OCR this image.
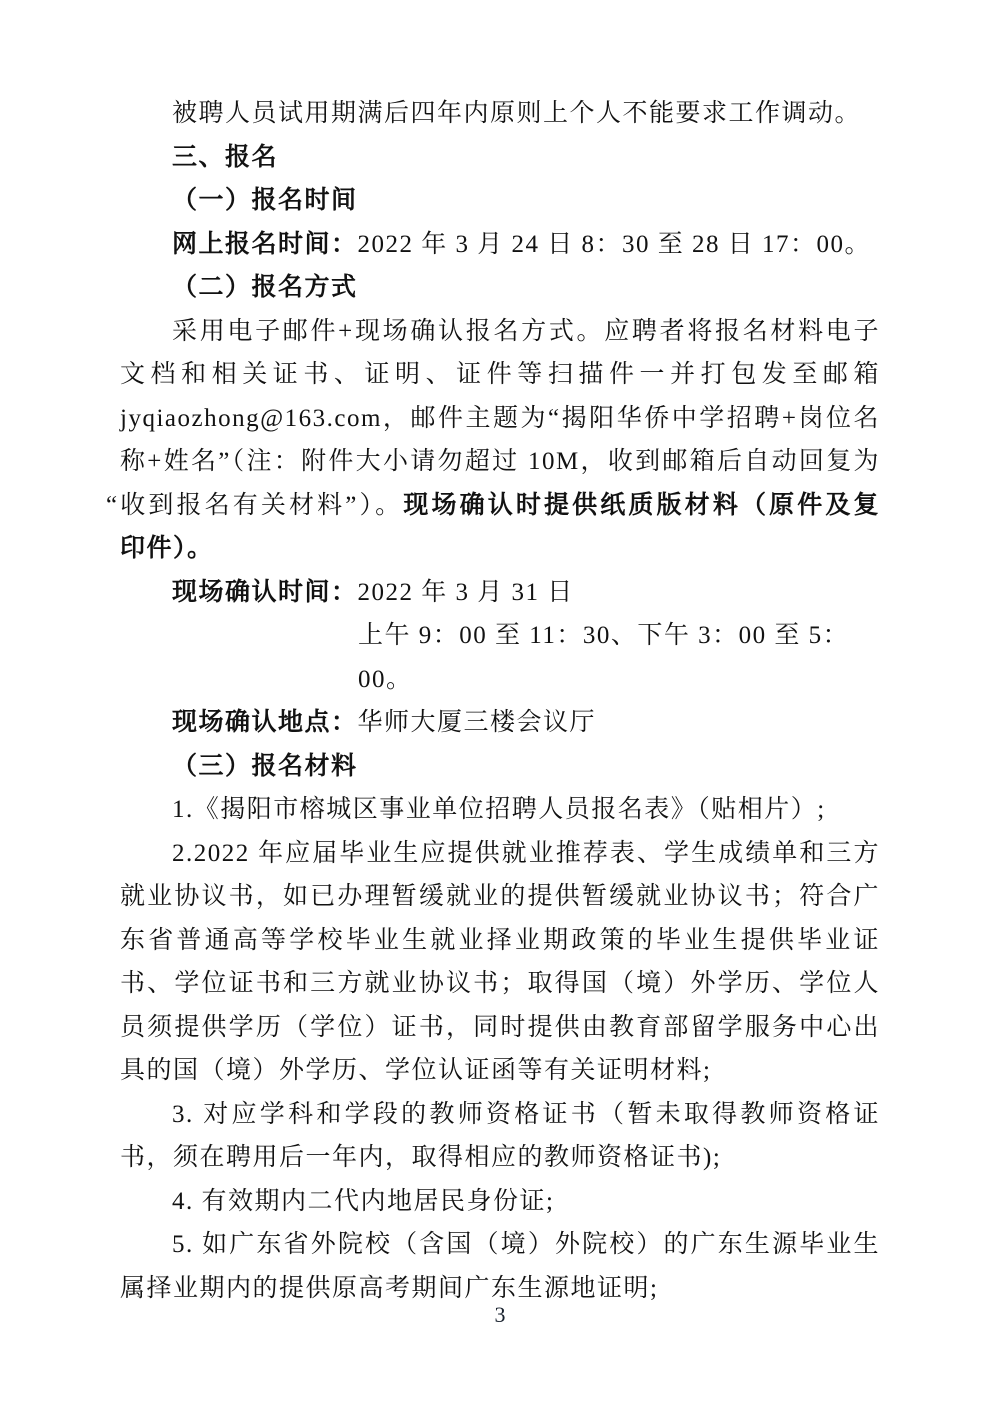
被聘人员试用期满后四年内原则上个人不能要求工作调动。
三、报名
（一）报名时间
网上报名时间：2022 年 3 月 24 日 8：30 至 28 日 17：00。
（二）报名方式
采用电子邮件+现场确认报名方式。应聘者将报名材料电子
文档和相关证书、证明、证件等扫描件一并打包发至邮箱
jyqiaozhong@163.com，邮件主题为“揭阳华侨中学招聘+岗位名
称+姓名”（注：附件大小请勿超过 10M，收到邮箱后自动回复为
“收到报名有关材料”）。现场确认时提供纸质版材料（原件及复
印件）。
现场确认时间：2022 年 3 月 31 日
上午 9：00 至 11：30、下午 3：00 至 5：00。
现场确认地点：华师大厦三楼会议厅
（三）报名材料
1.《揭阳市榕城区事业单位招聘人员报名表》（贴相片）;
2.2022 年应届毕业生应提供就业推荐表、学生成绩单和三方
就业协议书，如已办理暂缓就业的提供暂缓就业协议书；符合广
东省普通高等学校毕业生就业择业期政策的毕业生提供毕业证
书、学位证书和三方就业协议书；取得国（境）外学历、学位人
员须提供学历（学位）证书，同时提供由教育部留学服务中心出
具的国（境）外学历、学位认证函等有关证明材料;
3. 对应学科和学段的教师资格证书（暂未取得教师资格证
书，须在聘用后一年内，取得相应的教师资格证书);
4. 有效期内二代内地居民身份证;
5. 如广东省外院校（含国（境）外院校）的广东生源毕业生
属择业期内的提供原高考期间广东生源地证明;
3
